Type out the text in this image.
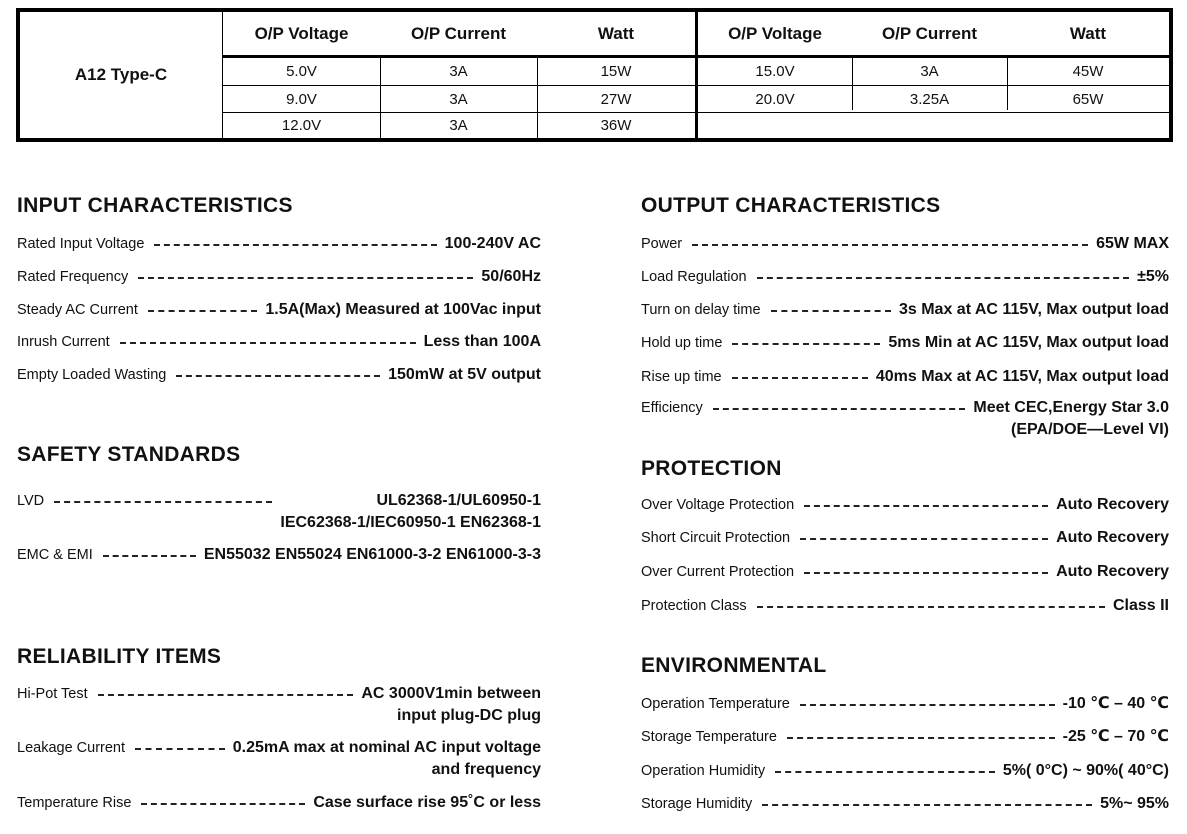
A12 Type-C
O/P Voltage	O/P Current	Watt	O/P Voltage	O/P Current	Watt
5.0V	3A	15W
9.0V	3A	27W
12.0V	3A	36W
15.0V	3A	45W
20.0V	3.25A	65W
INPUT CHARACTERISTICS
Rated Input Voltage	100-240V AC
Rated Frequency	50/60Hz
Steady AC Current	1.5A(Max) Measured at 100Vac input
Inrush Current	Less than 100A
Empty Loaded Wasting	150mW at 5V output
SAFETY STANDARDS
LVD	UL62368-1/UL60950-1
IEC62368-1/IEC60950-1 EN62368-1
EMC & EMI	EN55032 EN55024 EN61000-3-2 EN61000-3-3
RELIABILITY ITEMS
Hi-Pot Test	AC 3000V1min between
input plug-DC plug
Leakage Current	0.25mA max at nominal AC input voltage
and frequency
Temperature Rise	Case surface rise 95˚C or less
OUTPUT CHARACTERISTICS
Power	65W MAX
Load Regulation	±5%
Turn on delay time	3s Max at AC 115V, Max output load
Hold up time	5ms Min at AC 115V, Max output load
Rise up time	40ms Max at AC 115V, Max output load
Efficiency	Meet CEC,Energy Star 3.0
(EPA/DOE—Level VI)
PROTECTION
Over Voltage Protection	Auto Recovery
Short Circuit Protection	Auto Recovery
Over Current Protection	Auto Recovery
Protection Class	Class II
ENVIRONMENTAL
Operation Temperature	-10 ℃ – 40 ℃
Storage Temperature	-25 ℃ – 70 ℃
Operation Humidity	5%( 0°C) ~ 90%( 40°C)
Storage Humidity	5%~ 95%
